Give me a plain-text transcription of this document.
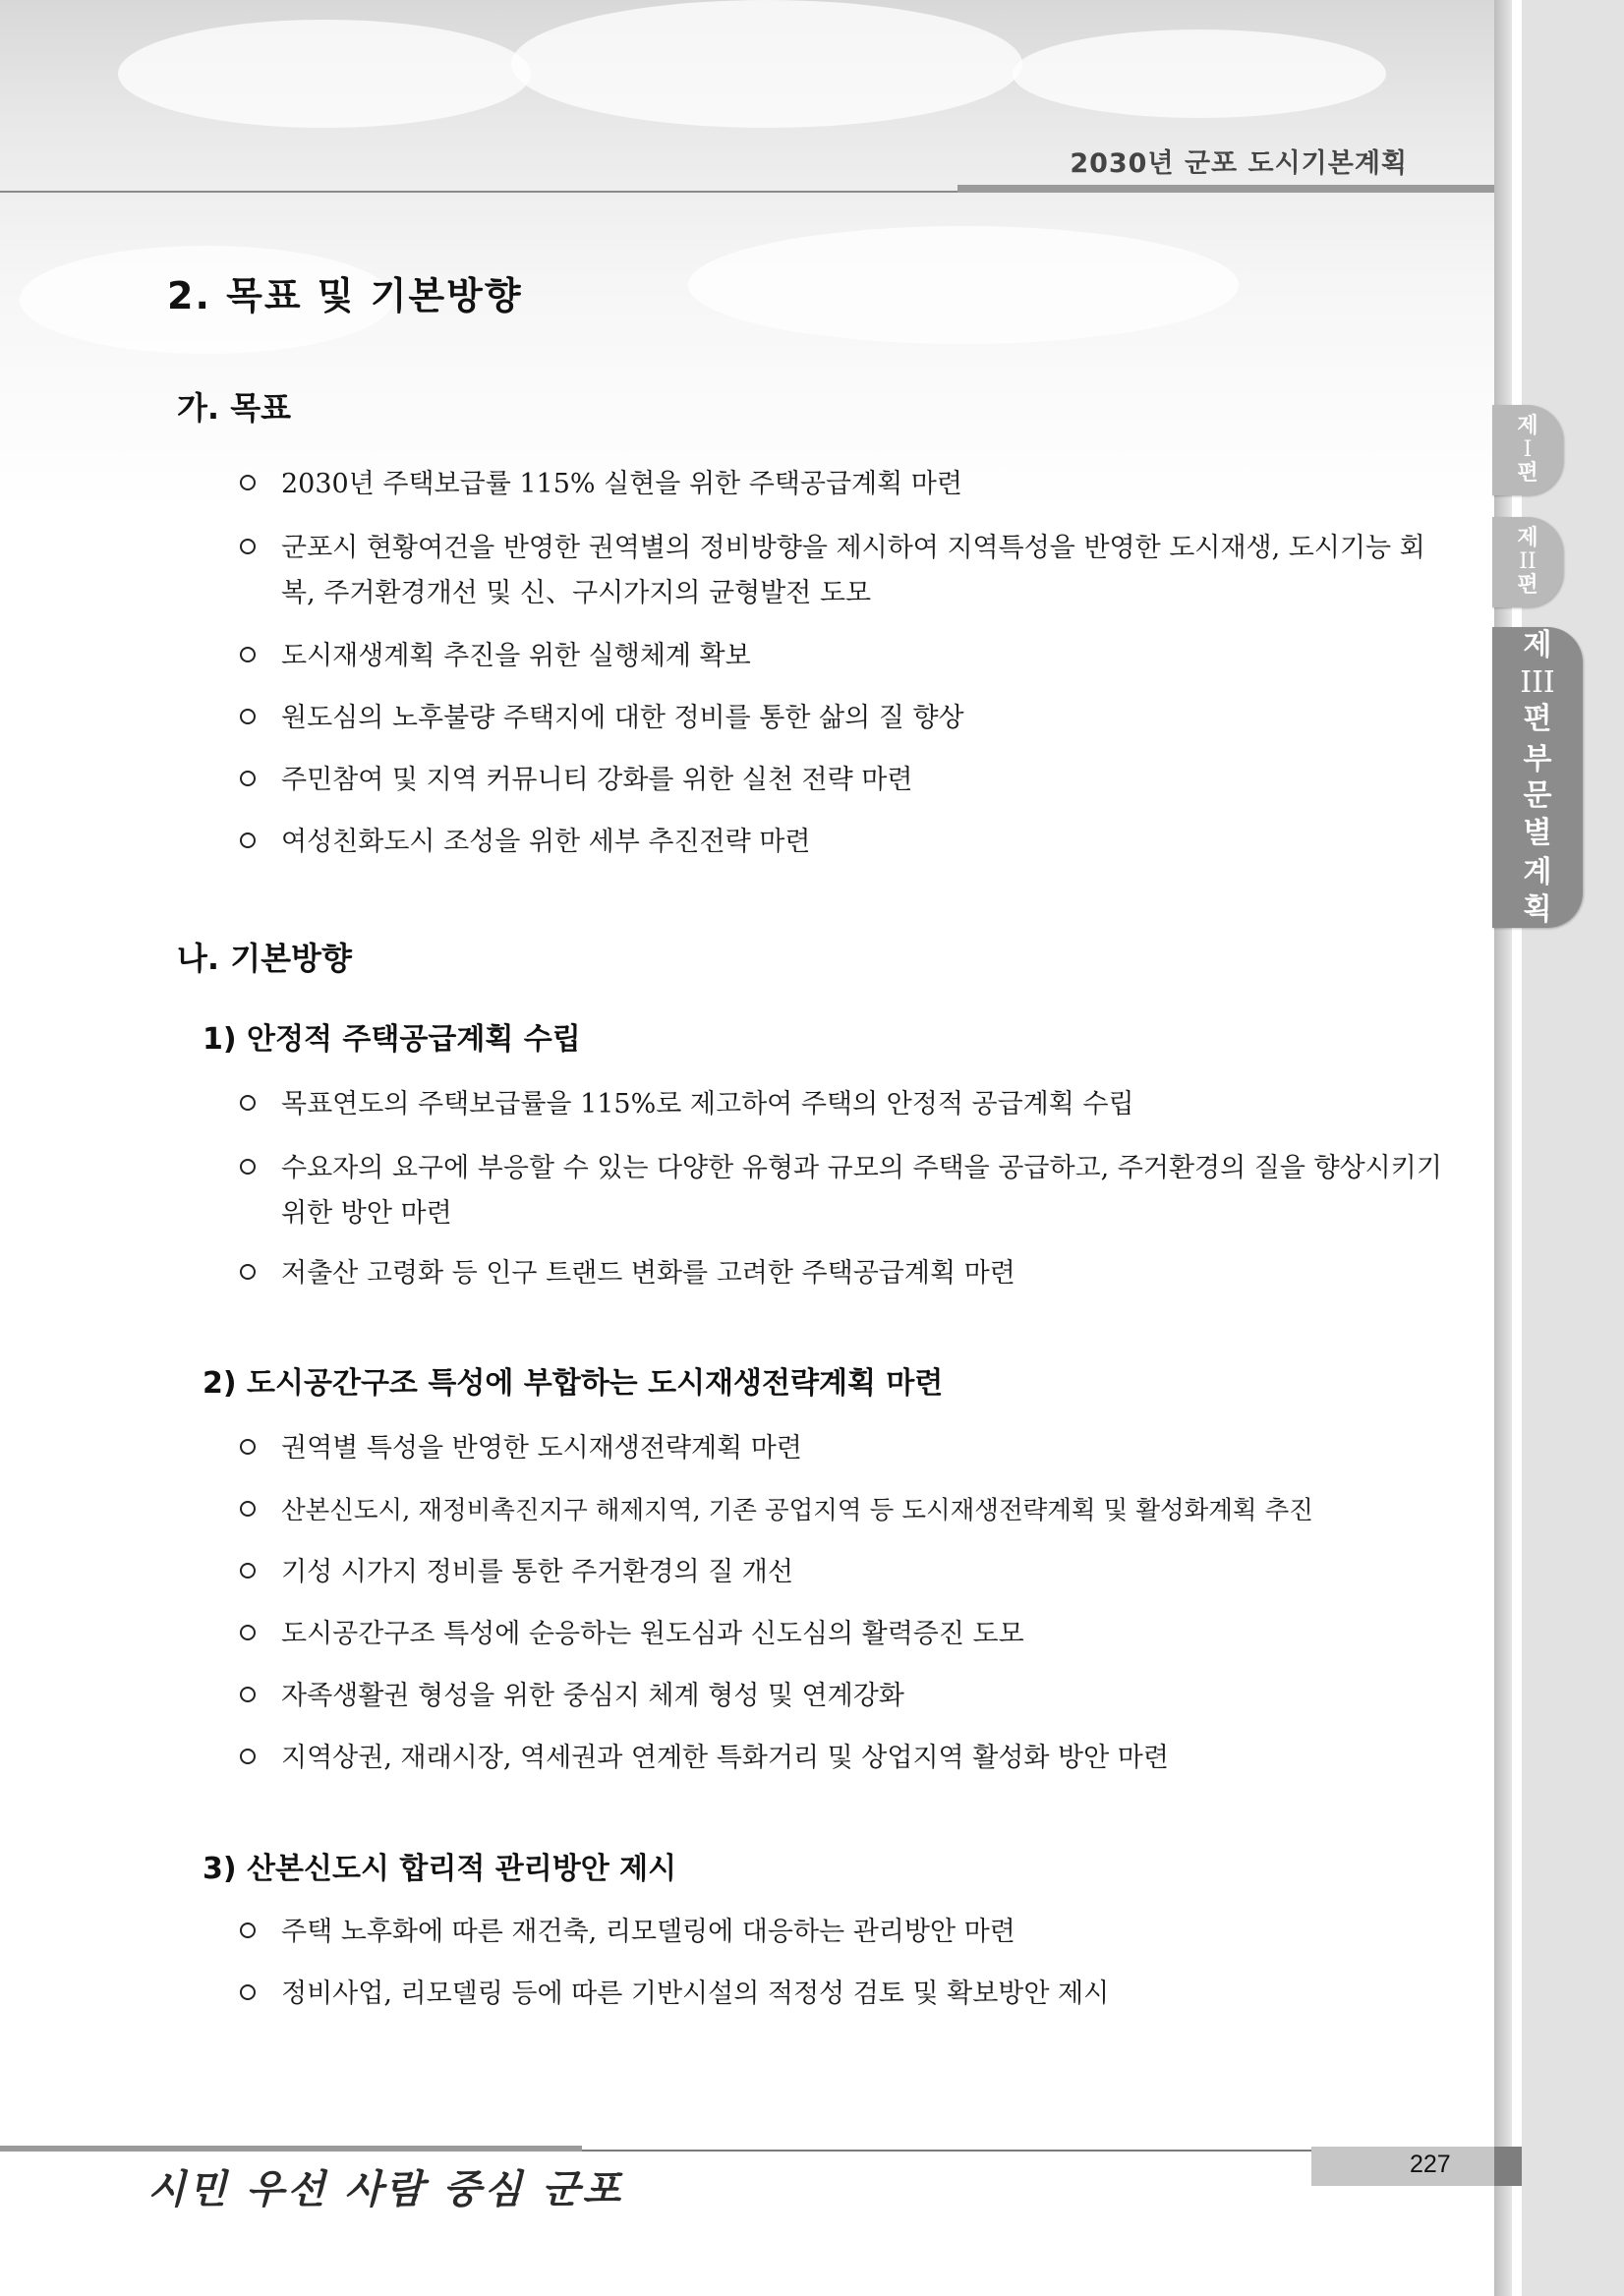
2030년 군포 도시기본계획
제
I
편
제
II
편
제
III
편
부
문
별
계
획
2. 목표 및 기본방향
가. 목표
2030년 주택보급률 115% 실현을 위한 주택공급계획 마련
군포시 현황여건을 반영한 권역별의 정비방향을 제시하여 지역특성을 반영한 도시재생, 도시기능 회복, 주거환경개선 및 신、구시가지의 균형발전 도모
도시재생계획 추진을 위한 실행체계 확보
원도심의 노후불량 주택지에 대한 정비를 통한 삶의 질 향상
주민참여 및 지역 커뮤니티 강화를 위한 실천 전략 마련
여성친화도시 조성을 위한 세부 추진전략 마련
나. 기본방향
1) 안정적 주택공급계획 수립
목표연도의 주택보급률을 115%로 제고하여 주택의 안정적 공급계획 수립
수요자의 요구에 부응할 수 있는 다양한 유형과 규모의 주택을 공급하고, 주거환경의 질을 향상시키기 위한 방안 마련
저출산 고령화 등 인구 트랜드 변화를 고려한 주택공급계획 마련
2) 도시공간구조 특성에 부합하는 도시재생전략계획 마련
권역별 특성을 반영한 도시재생전략계획 마련
산본신도시, 재정비촉진지구 해제지역, 기존 공업지역 등 도시재생전략계획 및 활성화계획 추진
기성 시가지 정비를 통한 주거환경의 질 개선
도시공간구조 특성에 순응하는 원도심과 신도심의 활력증진 도모
자족생활권 형성을 위한 중심지 체계 형성 및 연계강화
지역상권, 재래시장, 역세권과 연계한 특화거리 및 상업지역 활성화 방안 마련
3) 산본신도시 합리적 관리방안 제시
주택 노후화에 따른 재건축, 리모델링에 대응하는 관리방안 마련
정비사업, 리모델링 등에 따른 기반시설의 적정성 검토 및 확보방안 제시
시민 우선 사람 중심 군포
227
